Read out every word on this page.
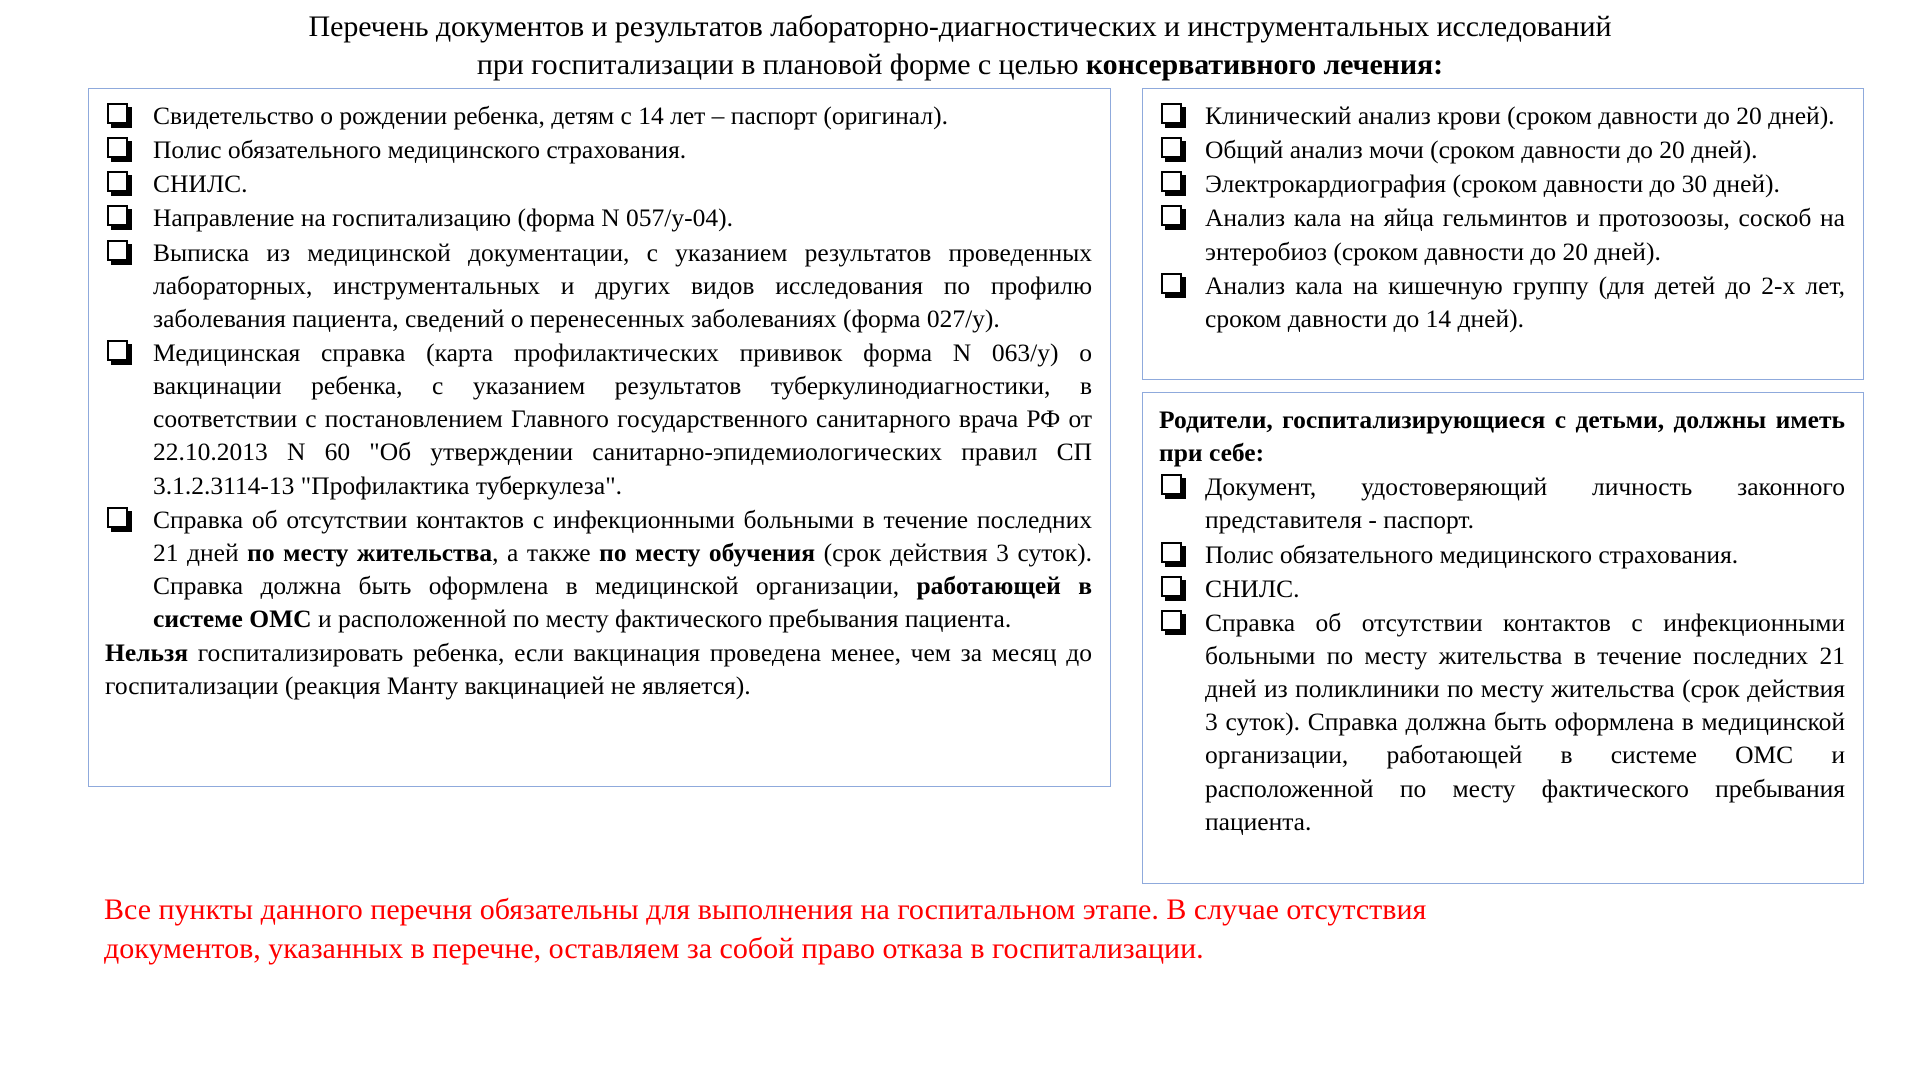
Перечень документов и результатов лабораторно-диагностических и инструментальных исследований
при госпитализации в плановой форме с целью консервативного лечения:
Свидетельство о рождении ребенка, детям с 14 лет – паспорт (оригинал).
Полис обязательного медицинского страхования.
СНИЛС.
Направление на госпитализацию (форма N 057/у-04).
Выписка из медицинской документации, с указанием результатов проведенных лабораторных, инструментальных и других видов исследования по профилю заболевания пациента, сведений о перенесенных заболеваниях (форма 027/у).
Медицинская справка (карта профилактических прививок форма N 063/у) о вакцинации ребенка, с указанием результатов туберкулинодиагностики, в соответствии с постановлением Главного государственного санитарного врача РФ от 22.10.2013 N 60 "Об утверждении санитарно-эпидемиологических правил СП 3.1.2.3114-13 "Профилактика туберкулеза".
Справка об отсутствии контактов с инфекционными больными в течение последних 21 дней по месту жительства, а также по месту обучения (срок действия 3 суток). Справка должна быть оформлена в медицинской организации, работающей в системе ОМС и расположенной по месту фактического пребывания пациента.

Нельзя госпитализировать ребенка, если вакцинация проведена менее, чем за месяц до госпитализации (реакция Манту вакцинацией не является).

Клинический анализ крови (сроком давности до 20 дней).
Общий анализ мочи (сроком давности до 20 дней).
Электрокардиография (сроком давности до 30 дней).
Анализ кала на яйца гельминтов и протозоозы, соскоб на энтеробиоз (сроком давности до 20 дней).
Анализ кала на кишечную группу (для детей до 2-х лет, сроком давности до 14 дней).

Родители, госпитализирующиеся с детьми, должны иметь при себе:

Документ, удостоверяющий личность законного представителя - паспорт.
Полис обязательного медицинского страхования.
СНИЛС.
Справка об отсутствии контактов с инфекционными больными по месту жительства в течение последних 21 дней из поликлиники по месту жительства (срок действия 3 суток). Справка должна быть оформлена в медицинской организации, работающей в системе ОМС и расположенной по месту фактического пребывания пациента.
Все пункты данного перечня обязательны для выполнения на госпитальном этапе. В случае отсутствия
документов, указанных в перечне, оставляем за собой право отказа в госпитализации.
